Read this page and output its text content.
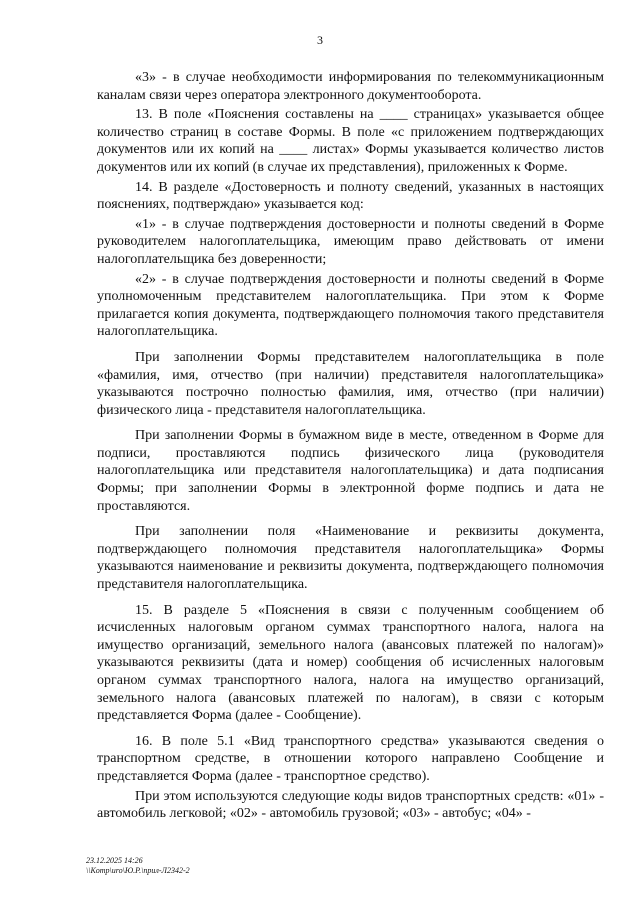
3

«3» - в случае необходимости информирования по телекоммуникационным каналам связи через оператора электронного документооборота.

13. В поле «Пояснения составлены на ____ страницах» указывается общее количество страниц в составе Формы. В поле «с приложением подтверждающих документов или их копий на ____ листах» Формы указывается количество листов документов или их копий (в случае их представления), приложенных к Форме.

14. В разделе «Достоверность и полноту сведений, указанных в настоящих пояснениях, подтверждаю» указывается код:

«1» - в случае подтверждения достоверности и полноты сведений в Форме руководителем налогоплательщика, имеющим право действовать от имени налогоплательщика без доверенности;

«2» - в случае подтверждения достоверности и полноты сведений в Форме уполномоченным представителем налогоплательщика. При этом к Форме прилагается копия документа, подтверждающего полномочия такого представителя налогоплательщика.

При заполнении Формы представителем налогоплательщика в поле «фамилия, имя, отчество (при наличии) представителя налогоплательщика» указываются построчно полностью фамилия, имя, отчество (при наличии) физического лица - представителя налогоплательщика.

При заполнении Формы в бумажном виде в месте, отведенном в Форме для подписи, проставляются подпись физического лица (руководителя налогоплательщика или представителя налогоплательщика) и дата подписания Формы; при заполнении Формы в электронной форме подпись и дата не проставляются.

При заполнении поля «Наименование и реквизиты документа, подтверждающего полномочия представителя налогоплательщика» Формы указываются наименование и реквизиты документа, подтверждающего полномочия представителя налогоплательщика.

15. В разделе 5 «Пояснения в связи с полученным сообщением об исчисленных налоговым органом суммах транспортного налога, налога на имущество организаций, земельного налога (авансовых платежей по налогам)» указываются реквизиты (дата и номер) сообщения об исчисленных налоговым органом суммах транспортного налога, налога на имущество организаций, земельного налога (авансовых платежей по налогам), в связи с которым представляется Форма (далее - Сообщение).

16. В поле 5.1 «Вид транспортного средства» указываются сведения о транспортном средстве, в отношении которого направлено Сообщение и представляется Форма (далее - транспортное средство).

При этом используются следующие коды видов транспортных средств: «01» - автомобиль легковой; «02» - автомобиль грузовой; «03» - автобус; «04» -

23.12.2025 14:26
\\Komp\uro\Ю.Р.\прил-Л2342-2
